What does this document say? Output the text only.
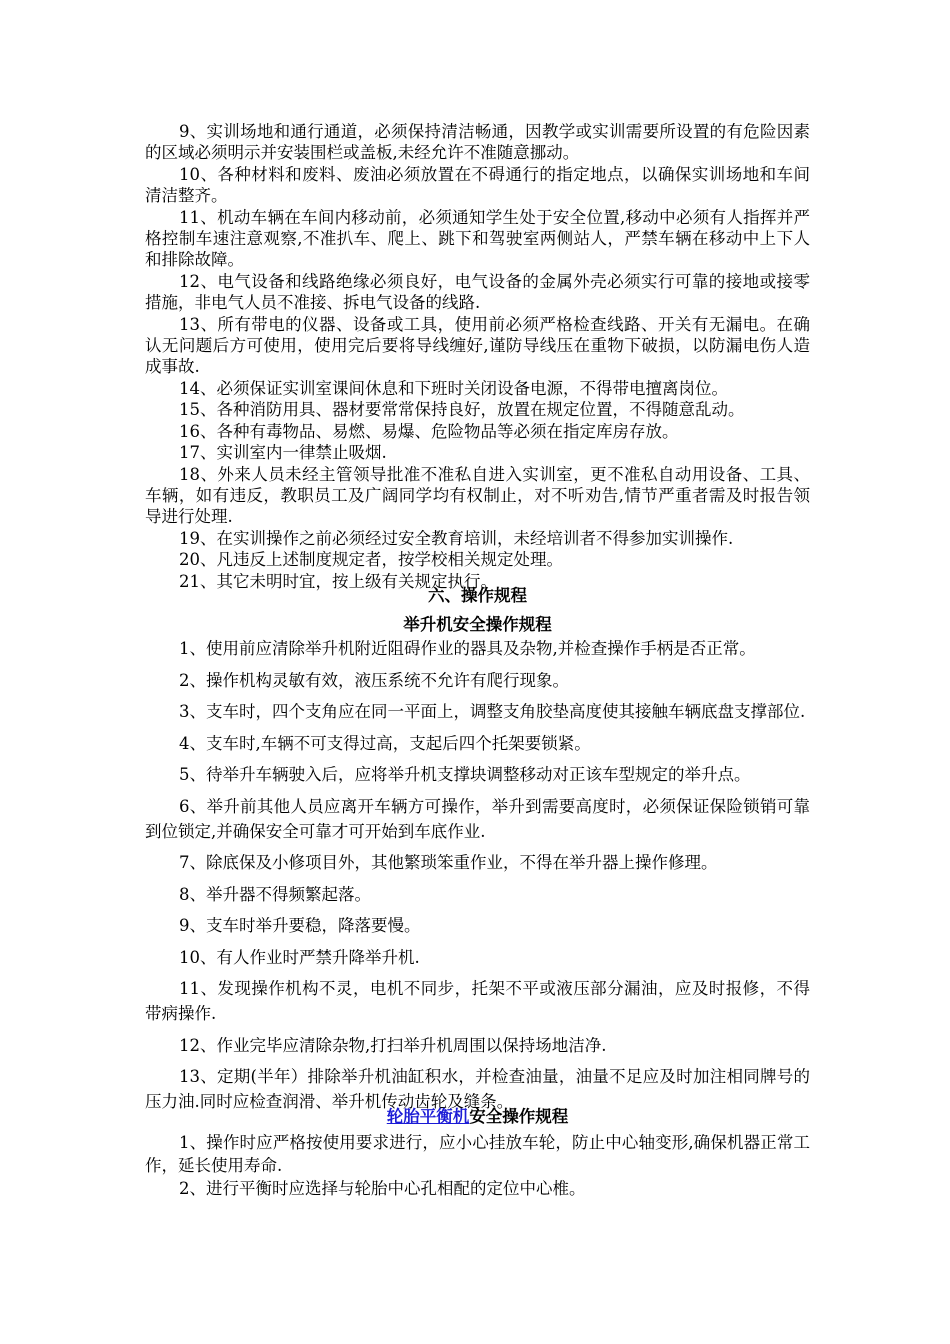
9、实训场地和通行通道，必须保持清洁畅通，因教学或实训需要所设置的有危险因素的区域必须明示并安装围栏或盖板,未经允许不准随意挪动。

10、各种材料和废料、废油必须放置在不碍通行的指定地点，以确保实训场地和车间清洁整齐。

11、机动车辆在车间内移动前，必须通知学生处于安全位置,移动中必须有人指挥并严格控制车速注意观察,不准扒车、爬上、跳下和驾驶室两侧站人，严禁车辆在移动中上下人和排除故障。

12、电气设备和线路绝缘必须良好，电气设备的金属外壳必须实行可靠的接地或接零措施，非电气人员不准接、拆电气设备的线路.

13、所有带电的仪器、设备或工具，使用前必须严格检查线路、开关有无漏电。在确认无问题后方可使用，使用完后要将导线缠好,谨防导线压在重物下破损，以防漏电伤人造成事故.

14、必须保证实训室课间休息和下班时关闭设备电源，不得带电擅离岗位。

15、各种消防用具、器材要常常保持良好，放置在规定位置，不得随意乱动。

16、各种有毒物品、易燃、易爆、危险物品等必须在指定库房存放。

17、实训室内一律禁止吸烟.

18、外来人员未经主管领导批准不准私自进入实训室，更不准私自动用设备、工具、车辆，如有违反，教职员工及广阔同学均有权制止，对不听劝告,情节严重者需及时报告领导进行处理.

19、在实训操作之前必须经过安全教育培训，未经培训者不得参加实训操作.

20、凡违反上述制度规定者，按学校相关规定处理。

21、其它未明时宜，按上级有关规定执行。

六、操作规程

举升机安全操作规程

1、使用前应清除举升机附近阻碍作业的器具及杂物,并检查操作手柄是否正常。

2、操作机构灵敏有效，液压系统不允许有爬行现象。

3、支车时，四个支角应在同一平面上，调整支角胶垫高度使其接触车辆底盘支撑部位.

4、支车时,车辆不可支得过高，支起后四个托架要锁紧。

5、待举升车辆驶入后，应将举升机支撑块调整移动对正该车型规定的举升点。

6、举升前其他人员应离开车辆方可操作，举升到需要高度时，必须保证保险锁销可靠到位锁定,并确保安全可靠才可开始到车底作业.

7、除底保及小修项目外，其他繁琐笨重作业，不得在举升器上操作修理。

8、举升器不得频繁起落。

9、支车时举升要稳，降落要慢。

10、有人作业时严禁升降举升机.

11、发现操作机构不灵，电机不同步，托架不平或液压部分漏油，应及时报修，不得带病操作.

12、作业完毕应清除杂物,打扫举升机周围以保持场地洁净.

13、定期(半年）排除举升机油缸积水，并检查油量，油量不足应及时加注相同牌号的压力油.同时应检查润滑、举升机传动齿轮及缝条。

轮胎平衡机安全操作规程

1、操作时应严格按使用要求进行，应小心挂放车轮，防止中心轴变形,确保机器正常工作，延长使用寿命.

2、进行平衡时应选择与轮胎中心孔相配的定位中心椎。
